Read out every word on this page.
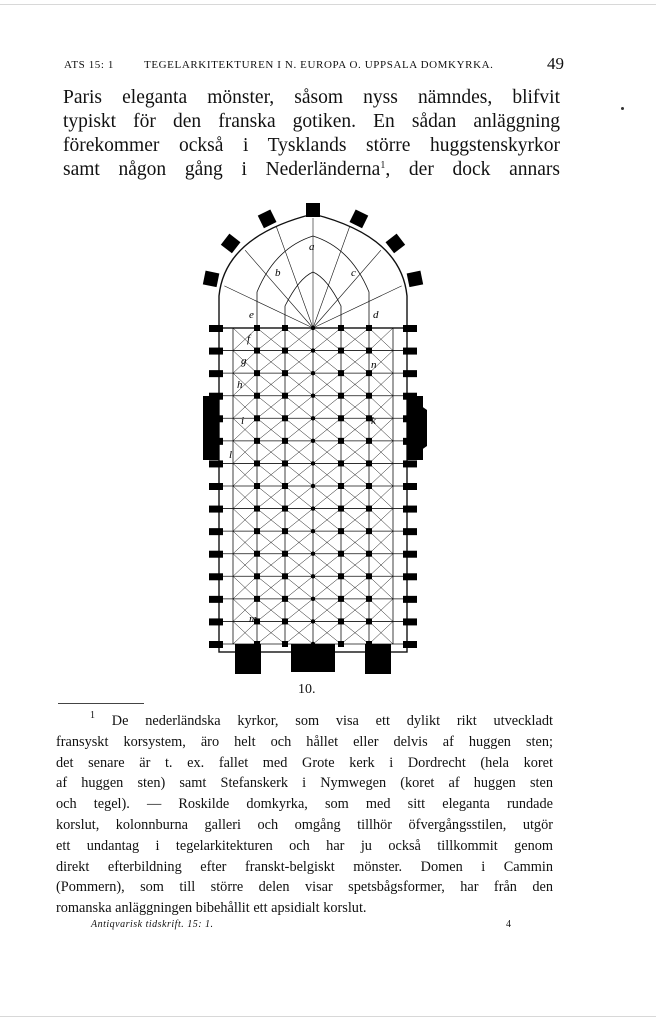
ATS 15: 1	TEGELARKITEKTUREN I N. EUROPA O. UPPSALA DOMKYRKA.	49
Paris eleganta mönster, såsom nyss nämndes, blifvit
typiskt för den franska gotiken. En sådan anläggning
förekommer också i Tysklands större huggstenskyrkor
samt någon gång i Nederländerna$^1$, der dock annars
a
b	c
d
e
f
g
h
i	k
l
m
n
10.
$^1$ De nederländska kyrkor, som visa ett dylikt rikt utveckladt
fransyskt korsystem, äro helt och hållet eller delvis af huggen sten;
det senare är t. ex. fallet med Grote kerk i Dordrecht (hela koret
af huggen sten) samt Stefanskerk i Nymwegen (koret af huggen sten
och tegel). — Roskilde domkyrka, som med sitt eleganta rundade
korslut, kolonnburna galleri och omgång tillhör öfvergångsstilen, utgör
ett undantag i tegelarkitekturen och har ju också tillkommit genom
direkt efterbildning efter franskt-belgiskt mönster. Domen i Cammin
(Pommern), som till större delen visar spetsbågsformer, har från den
romanska anläggningen bibehållit ett apsidialt korslut.
Antiqvarisk tidskrift. 15: 1.	4
